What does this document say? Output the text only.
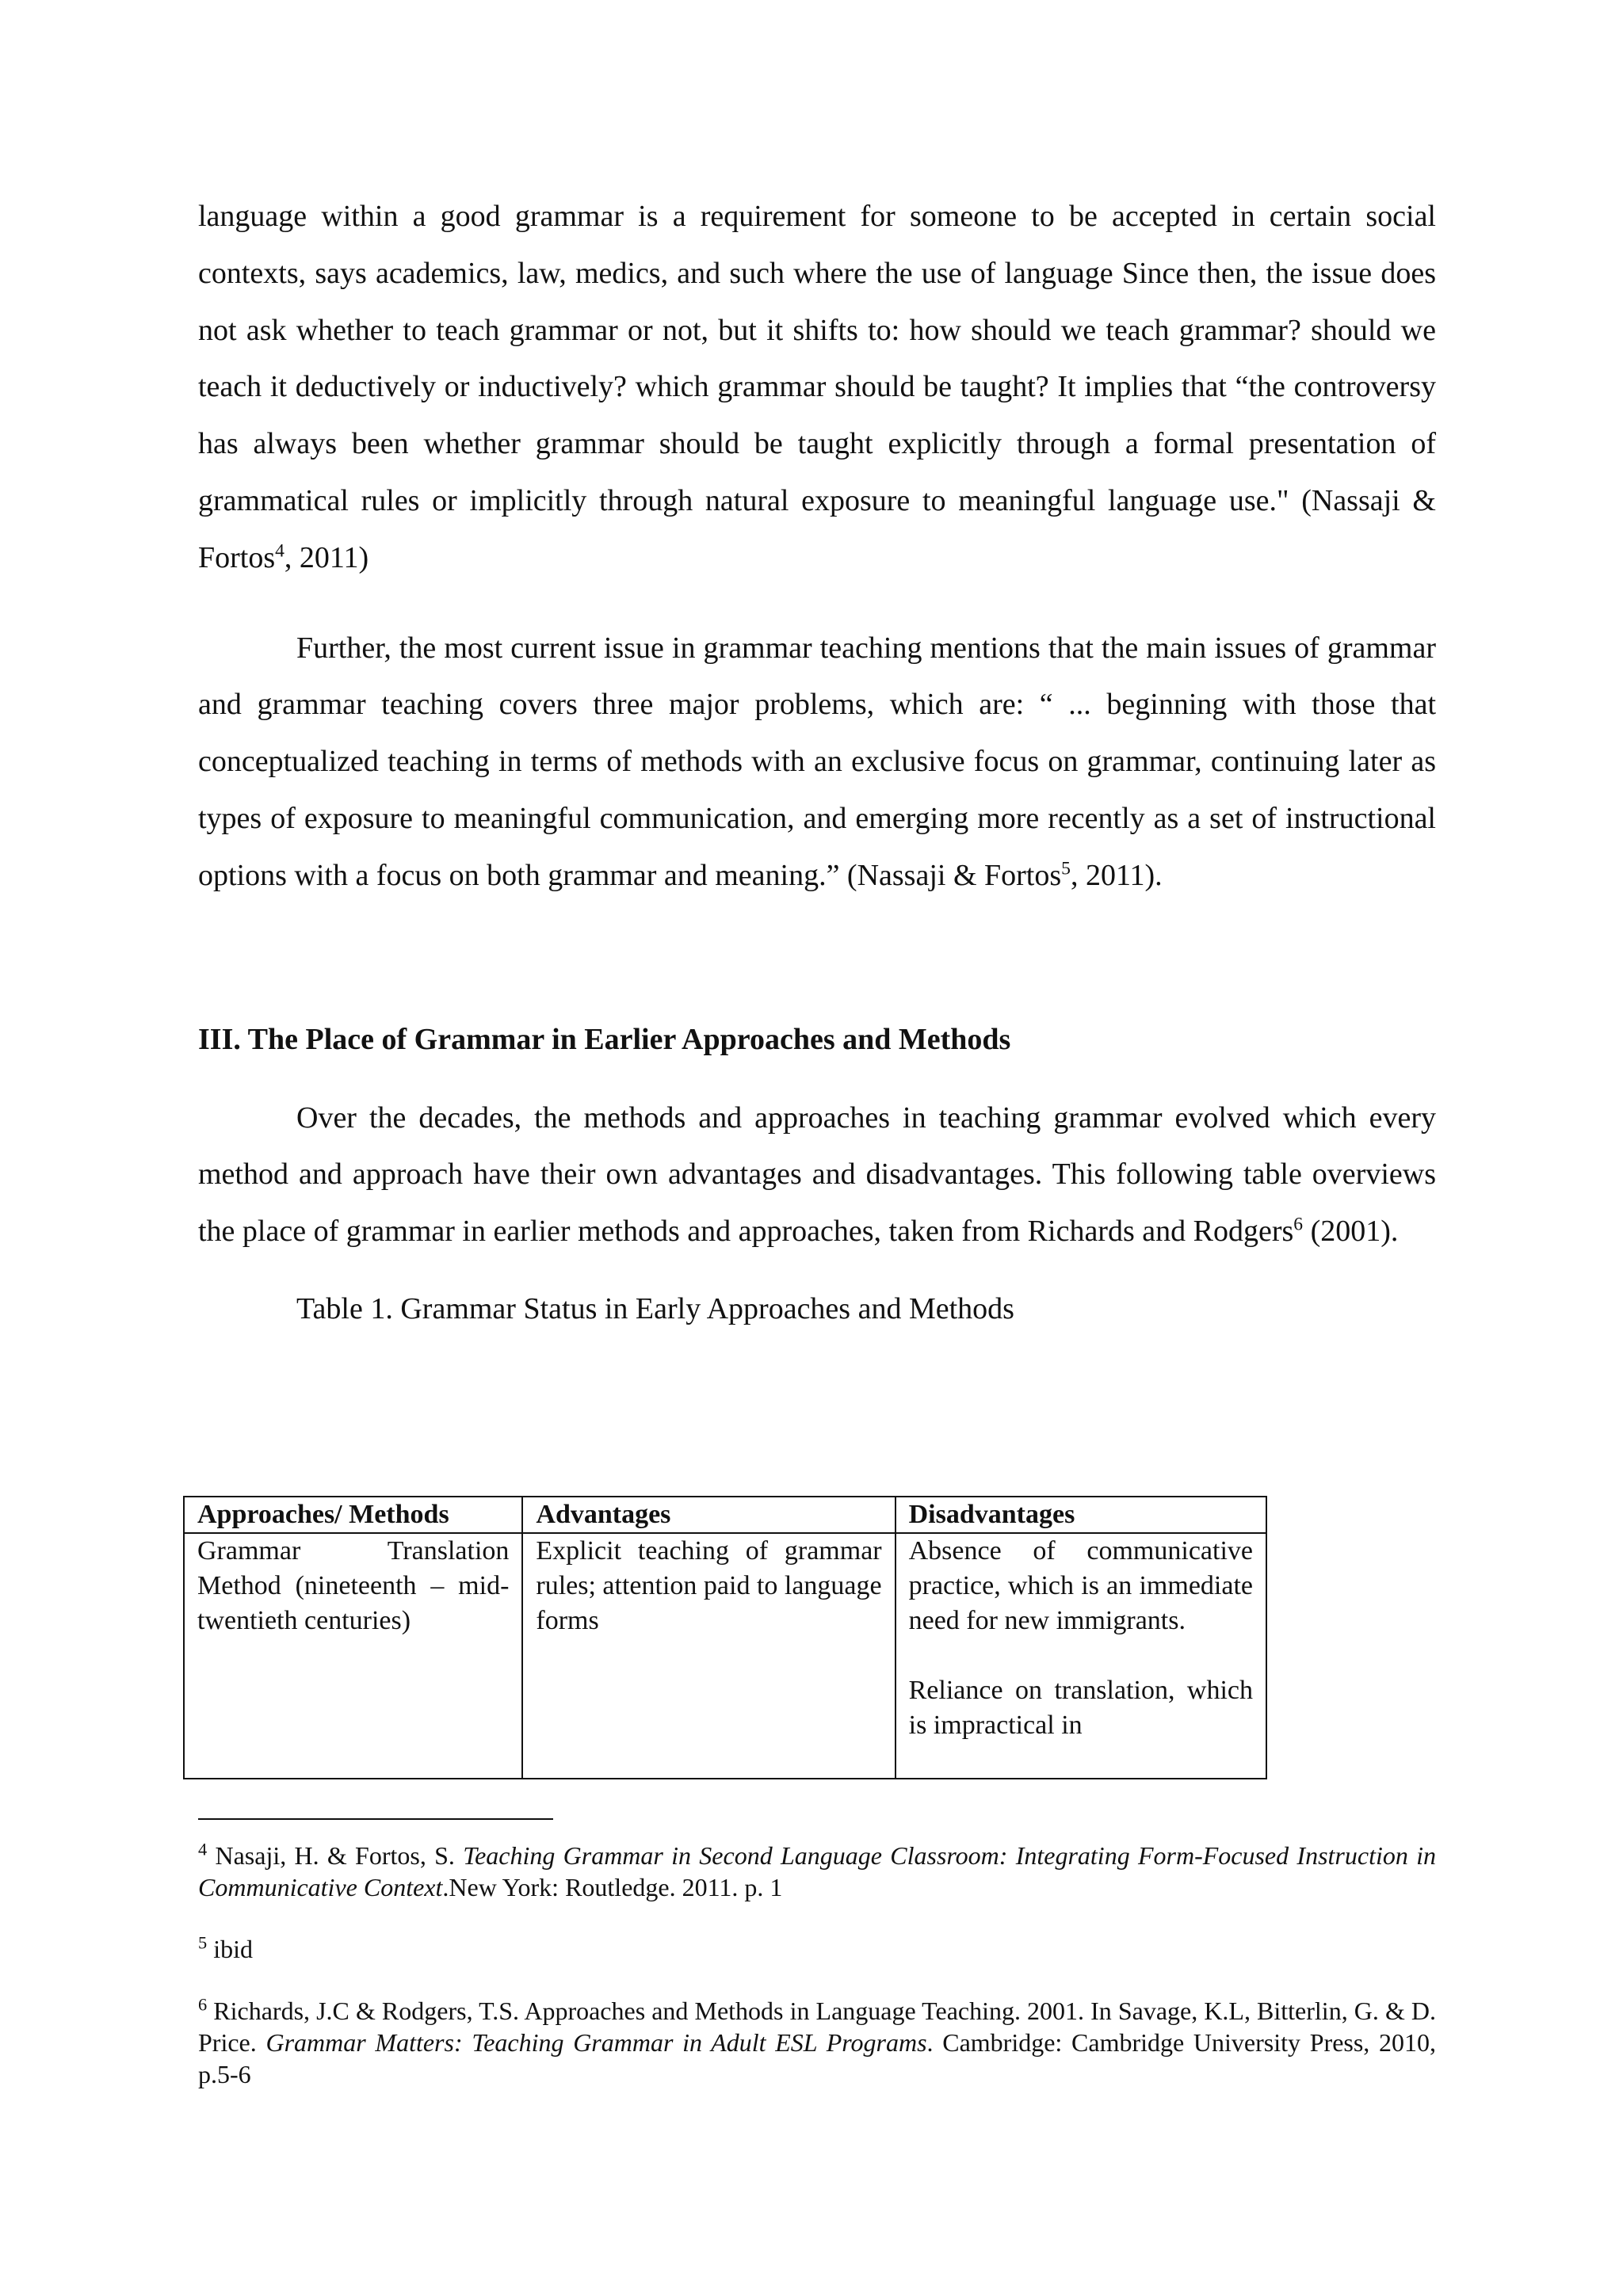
language within a good grammar is a requirement for someone to be accepted in certain social contexts, says academics, law, medics, and such where the use of language Since then, the issue does not ask whether to teach grammar or not, but it shifts to: how should we teach grammar? should we teach it deductively or inductively? which grammar should be taught? It implies that “the controversy has always been whether grammar should be taught explicitly through a formal presentation of grammatical rules or implicitly through natural exposure to meaningful language use." (Nassaji & Fortos$^4$, 2011)

Further, the most current issue in grammar teaching mentions that the main issues of grammar and grammar teaching covers three major problems, which are: “ ... beginning with those that conceptualized teaching in terms of methods with an exclusive focus on grammar, continuing later as types of exposure to meaningful communication, and emerging more recently as a set of instructional options with a focus on both grammar and meaning.” (Nassaji & Fortos$^5$, 2011).

III. The Place of Grammar in Earlier Approaches and Methods

Over the decades, the methods and approaches in teaching grammar evolved which every method and approach have their own advantages and disadvantages. This following table overviews the place of grammar in earlier methods and approaches, taken from Richards and Rodgers$^6$ (2001).

Table 1. Grammar Status in Early Approaches and Methods

Approaches/ Methods	Advantages	Disadvantages
Grammar Translation Method (nineteenth – mid-twentieth centuries)	Explicit teaching of grammar rules; attention paid to language forms	Absence of communicative practice, which is an immediate need for new immigrants.
Reliance on translation, which is impractical in

$^4$ Nasaji, H. & Fortos, S. Teaching Grammar in Second Language Classroom: Integrating Form-Focused Instruction in Communicative Context.New York: Routledge. 2011. p. 1

$^5$ ibid

$^6$ Richards, J.C & Rodgers, T.S. Approaches and Methods in Language Teaching. 2001. In Savage, K.L, Bitterlin, G. & D. Price. Grammar Matters: Teaching Grammar in Adult ESL Programs. Cambridge: Cambridge University Press, 2010, p.5-6
